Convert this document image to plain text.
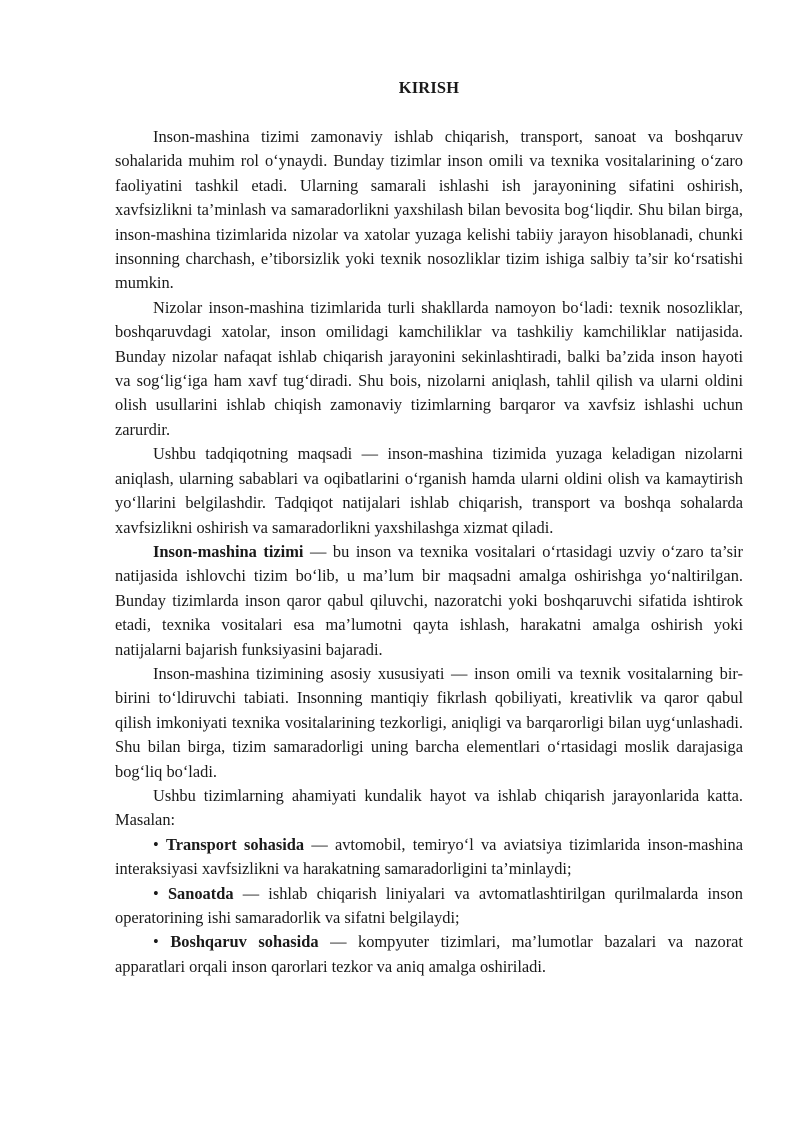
KIRISH

Inson-mashina tizimi zamonaviy ishlab chiqarish, transport, sanoat va boshqaruv sohalarida muhim rol o‘ynaydi. Bunday tizimlar inson omili va texnika vositalarining o‘zaro faoliyatini tashkil etadi. Ularning samarali ishlashi ish jarayonining sifatini oshirish, xavfsizlikni ta’minlash va samaradorlikni yaxshilash bilan bevosita bog‘liqdir. Shu bilan birga, inson-mashina tizimlarida nizolar va xatolar yuzaga kelishi tabiiy jarayon hisoblanadi, chunki insonning charchash, e’tiborsizlik yoki texnik nosozliklar tizim ishiga salbiy ta’sir ko‘rsatishi mumkin.

Nizolar inson-mashina tizimlarida turli shakllarda namoyon bo‘ladi: texnik nosozliklar, boshqaruvdagi xatolar, inson omilidagi kamchiliklar va tashkiliy kamchiliklar natijasida. Bunday nizolar nafaqat ishlab chiqarish jarayonini sekinlashtiradi, balki ba’zida inson hayoti va sog‘lig‘iga ham xavf tug‘diradi. Shu bois, nizolarni aniqlash, tahlil qilish va ularni oldini olish usullarini ishlab chiqish zamonaviy tizimlarning barqaror va xavfsiz ishlashi uchun zarurdir.

Ushbu tadqiqotning maqsadi — inson-mashina tizimida yuzaga keladigan nizolarni aniqlash, ularning sabablari va oqibatlarini o‘rganish hamda ularni oldini olish va kamaytirish yo‘llarini belgilashdir. Tadqiqot natijalari ishlab chiqarish, transport va boshqa sohalarda xavfsizlikni oshirish va samaradorlikni yaxshilashga xizmat qiladi.

Inson-mashina tizimi — bu inson va texnika vositalari o‘rtasidagi uzviy o‘zaro ta’sir natijasida ishlovchi tizim bo‘lib, u ma’lum bir maqsadni amalga oshirishga yo‘naltirilgan. Bunday tizimlarda inson qaror qabul qiluvchi, nazoratchi yoki boshqaruvchi sifatida ishtirok etadi, texnika vositalari esa ma’lumotni qayta ishlash, harakatni amalga oshirish yoki natijalarni bajarish funksiyasini bajaradi.

Inson-mashina tizimining asosiy xususiyati — inson omili va texnik vositalarning bir-birini to‘ldiruvchi tabiati. Insonning mantiqiy fikrlash qobiliyati, kreativlik va qaror qabul qilish imkoniyati texnika vositalarining tezkorligi, aniqligi va barqarorligi bilan uyg‘unlashadi. Shu bilan birga, tizim samaradorligi uning barcha elementlari o‘rtasidagi moslik darajasiga bog‘liq bo‘ladi.

Ushbu tizimlarning ahamiyati kundalik hayot va ishlab chiqarish jarayonlarida katta. Masalan:

• Transport sohasida — avtomobil, temiryo‘l va aviatsiya tizimlarida inson-mashina interaksiyasi xavfsizlikni va harakatning samaradorligini ta’minlaydi;

• Sanoatda — ishlab chiqarish liniyalari va avtomatlashtirilgan qurilmalarda inson operatorining ishi samaradorlik va sifatni belgilaydi;

• Boshqaruv sohasida — kompyuter tizimlari, ma’lumotlar bazalari va nazorat apparatlari orqali inson qarorlari tezkor va aniq amalga oshiriladi.
